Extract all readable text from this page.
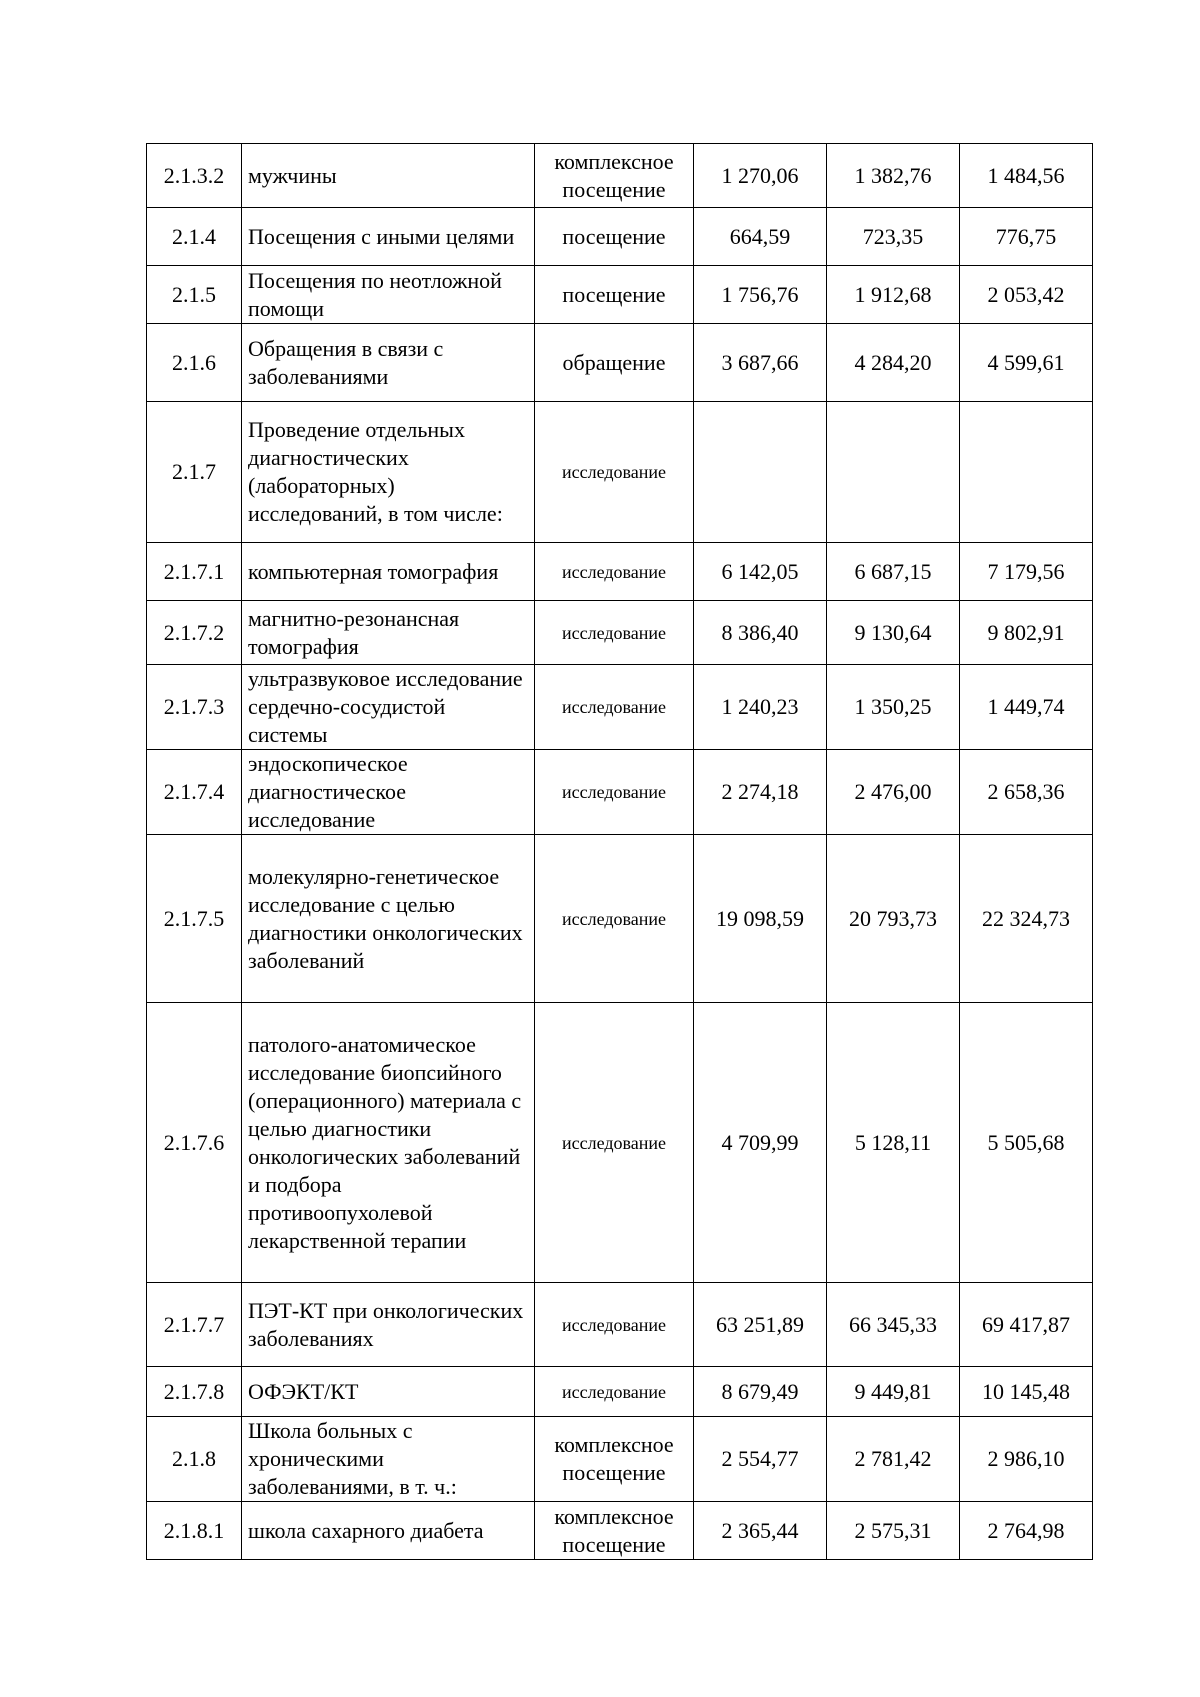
2.1.3.2	мужчины	комплексное посещение	1 270,06	1 382,76	1 484,56
2.1.4	Посещения с иными целями	посещение	664,59	723,35	776,75
2.1.5	Посещения по неотложной помощи	посещение	1 756,76	1 912,68	2 053,42
2.1.6	Обращения в связи с заболеваниями	обращение	3 687,66	4 284,20	4 599,61
2.1.7	Проведение отдельных диагностических (лабораторных) исследований, в том числе:	исследование			
2.1.7.1	компьютерная томография	исследование	6 142,05	6 687,15	7 179,56
2.1.7.2	магнитно-резонансная томография	исследование	8 386,40	9 130,64	9 802,91
2.1.7.3	ультразвуковое исследование сердечно-сосудистой системы	исследование	1 240,23	1 350,25	1 449,74
2.1.7.4	эндоскопическое диагностическое исследование	исследование	2 274,18	2 476,00	2 658,36
2.1.7.5	молекулярно-генетическое исследование с целью диагностики онкологических заболеваний	исследование	19 098,59	20 793,73	22 324,73
2.1.7.6	патолого-анатомическое исследование биопсийного (операционного) материала с целью диагностики онкологических заболеваний и подбора противоопухолевой лекарственной терапии	исследование	4 709,99	5 128,11	5 505,68
2.1.7.7	ПЭТ-КТ при онкологических заболеваниях	исследование	63 251,89	66 345,33	69 417,87
2.1.7.8	ОФЭКТ/КТ	исследование	8 679,49	9 449,81	10 145,48
2.1.8	Школа больных с хроническими заболеваниями, в т. ч.:	комплексное посещение	2 554,77	2 781,42	2 986,10
2.1.8.1	школа сахарного диабета	комплексное посещение	2 365,44	2 575,31	2 764,98
